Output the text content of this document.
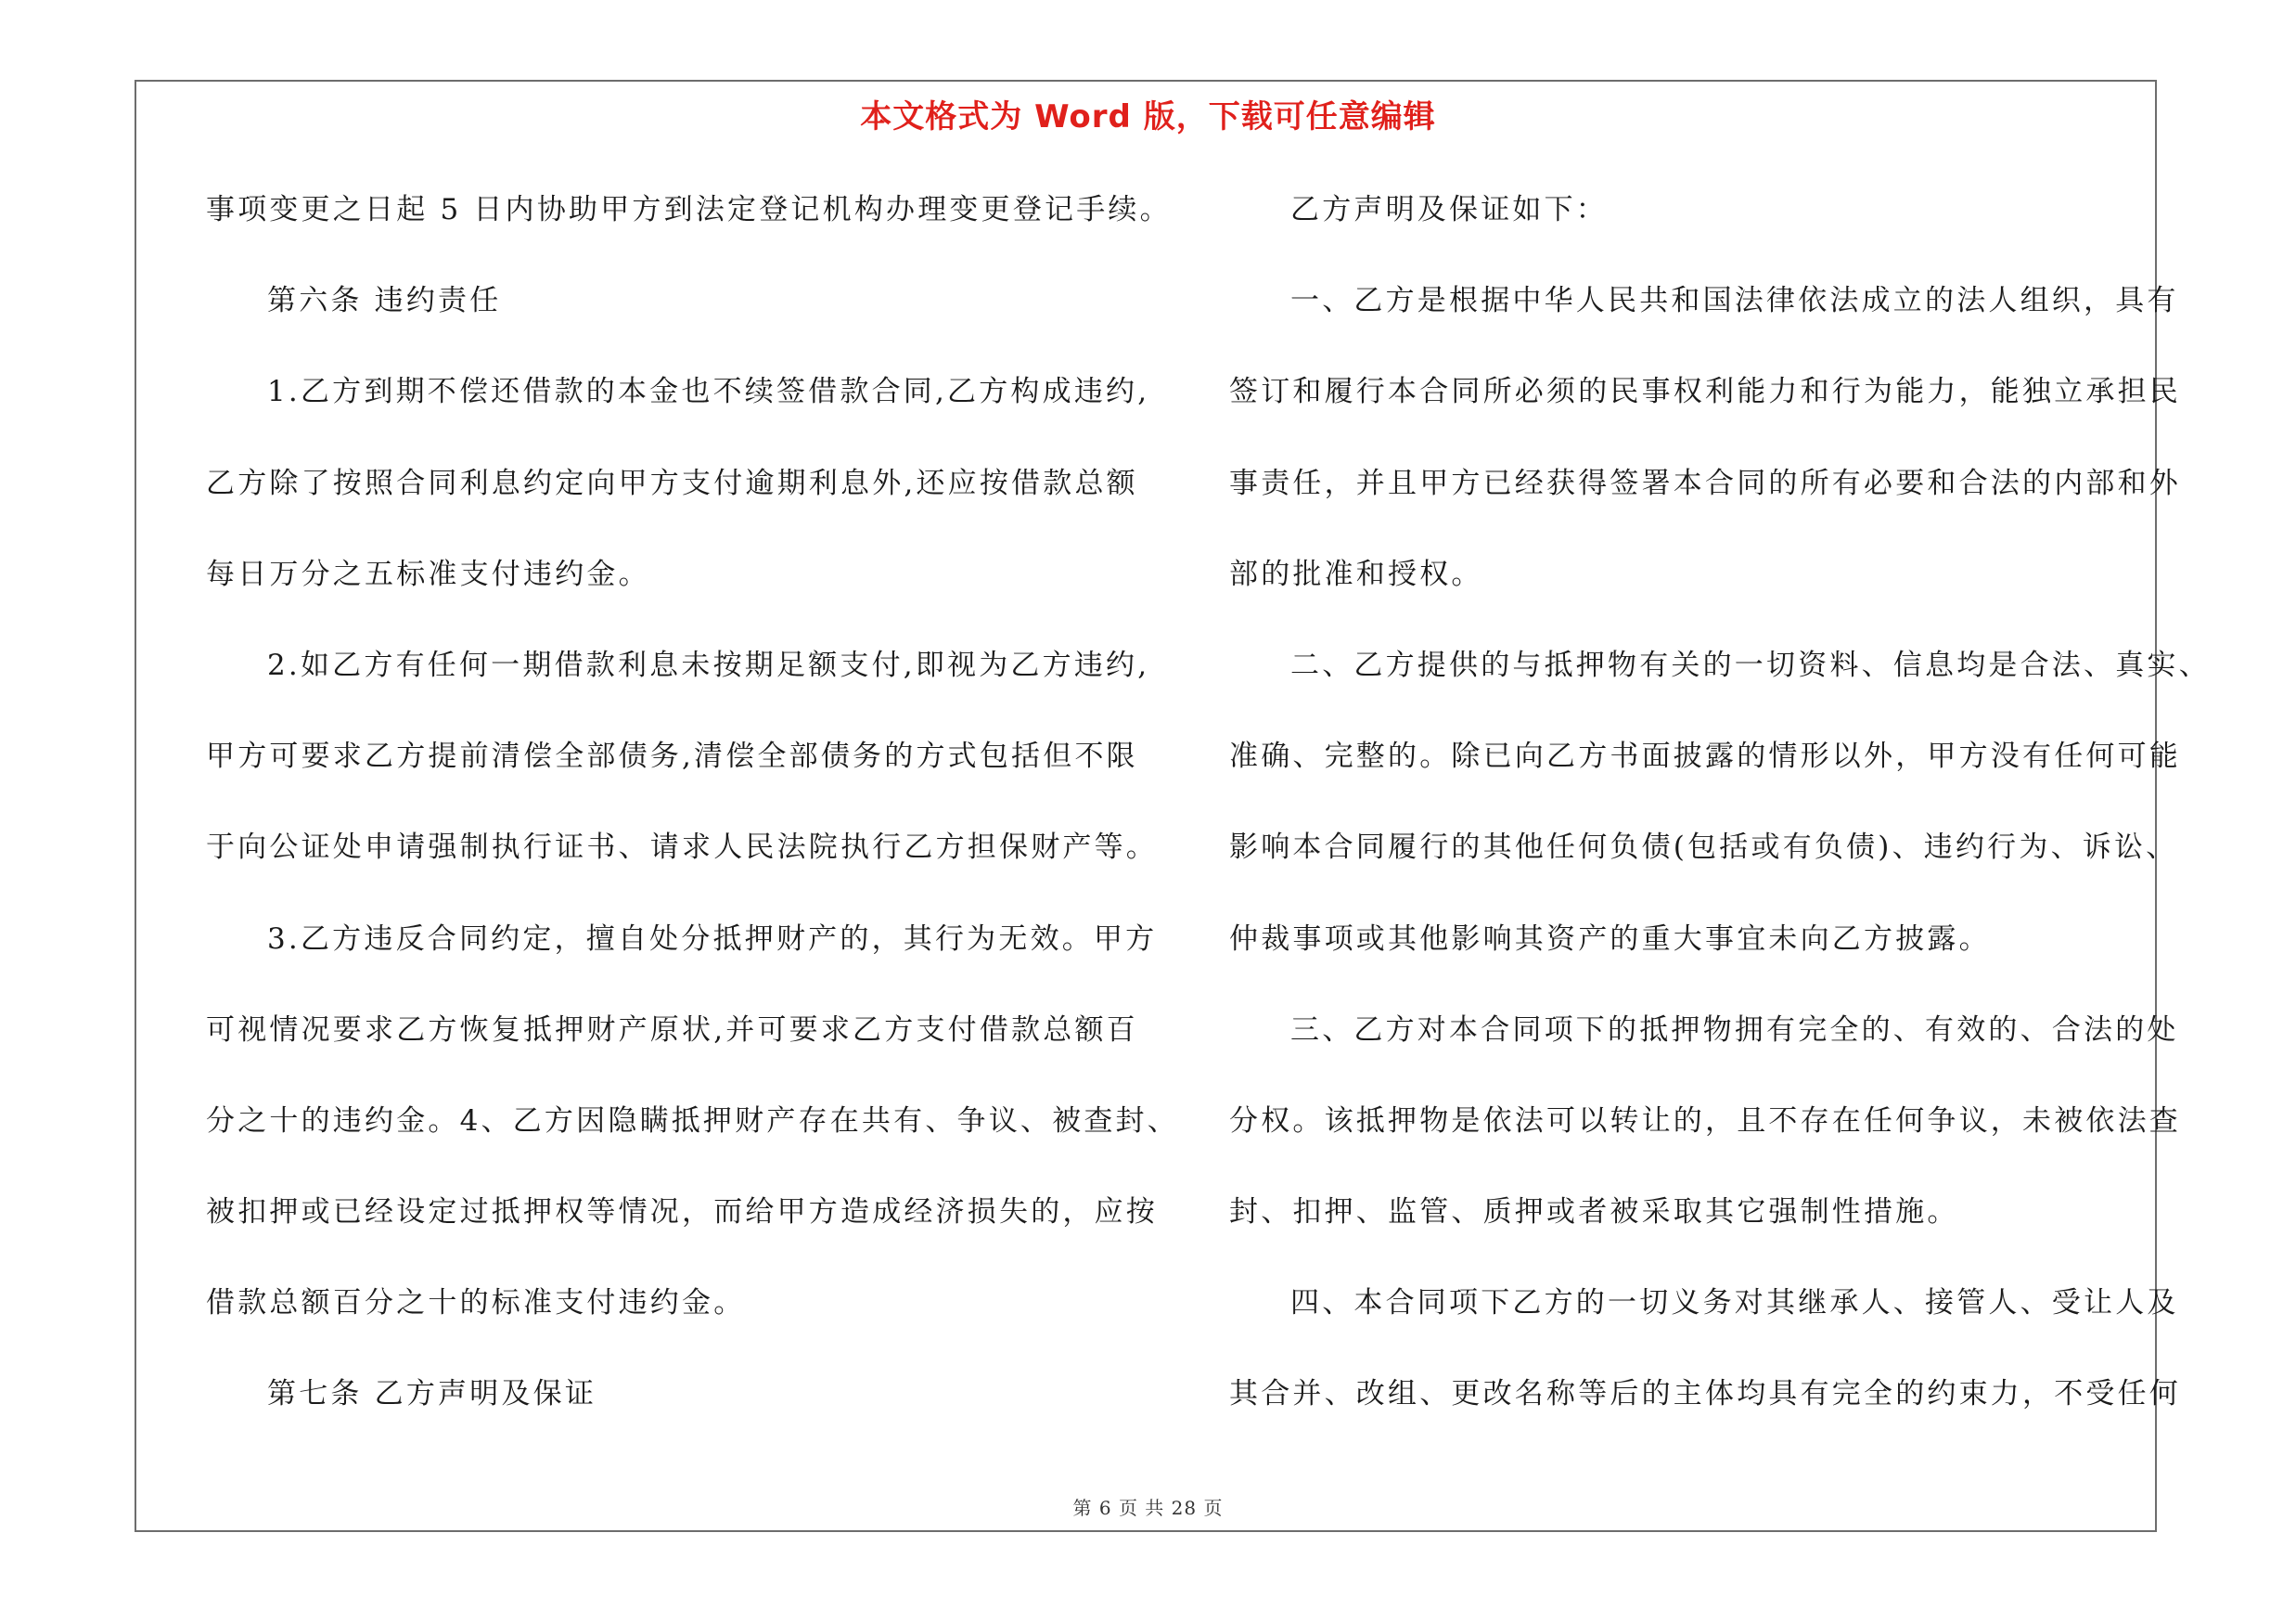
本文格式为 Word 版，下载可任意编辑
事项变更之日起 5 日内协助甲方到法定登记机构办理变更登记手续。
第六条 违约责任
1.乙方到期不偿还借款的本金也不续签借款合同,乙方构成违约,
乙方除了按照合同利息约定向甲方支付逾期利息外,还应按借款总额
每日万分之五标准支付违约金。
2.如乙方有任何一期借款利息未按期足额支付,即视为乙方违约,
甲方可要求乙方提前清偿全部债务,清偿全部债务的方式包括但不限
于向公证处申请强制执行证书、请求人民法院执行乙方担保财产等。
3.乙方违反合同约定，擅自处分抵押财产的，其行为无效。甲方
可视情况要求乙方恢复抵押财产原状,并可要求乙方支付借款总额百
分之十的违约金。4、乙方因隐瞒抵押财产存在共有、争议、被查封、
被扣押或已经设定过抵押权等情况，而给甲方造成经济损失的，应按
借款总额百分之十的标准支付违约金。
第七条 乙方声明及保证
乙方声明及保证如下：
一、乙方是根据中华人民共和国法律依法成立的法人组织，具有
签订和履行本合同所必须的民事权利能力和行为能力，能独立承担民
事责任，并且甲方已经获得签署本合同的所有必要和合法的内部和外
部的批准和授权。
二、乙方提供的与抵押物有关的一切资料、信息均是合法、真实、
准确、完整的。除已向乙方书面披露的情形以外，甲方没有任何可能
影响本合同履行的其他任何负债(包括或有负债)、违约行为、诉讼、
仲裁事项或其他影响其资产的重大事宜未向乙方披露。
三、乙方对本合同项下的抵押物拥有完全的、有效的、合法的处
分权。该抵押物是依法可以转让的，且不存在任何争议，未被依法查
封、扣押、监管、质押或者被采取其它强制性措施。
四、本合同项下乙方的一切义务对其继承人、接管人、受让人及
其合并、改组、更改名称等后的主体均具有完全的约束力，不受任何
第 6 页 共 28 页
